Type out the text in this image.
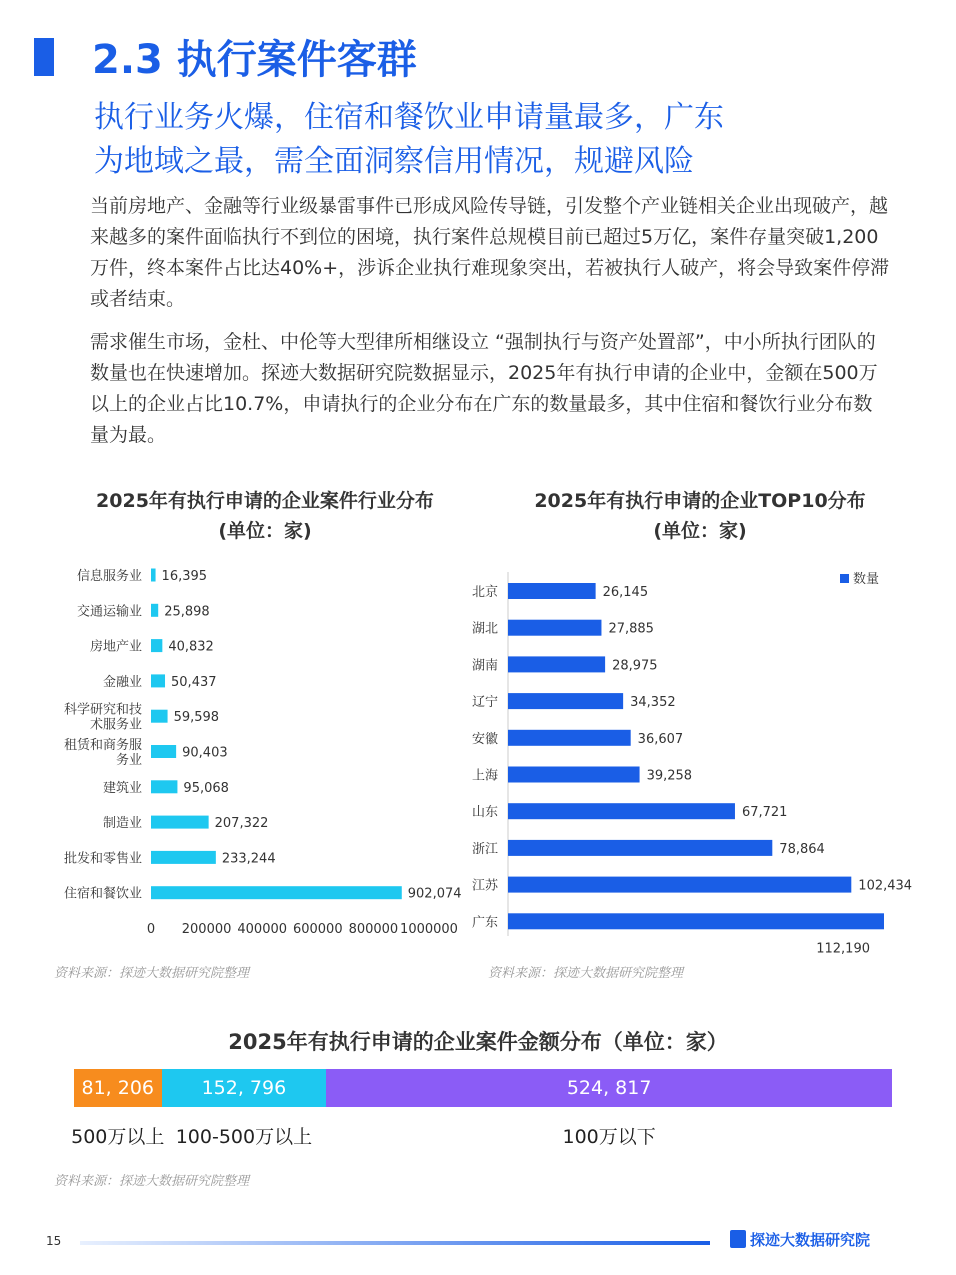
2.3 执行案件客群
执行业务火爆，住宿和餐饮业申请量最多，广东
为地域之最，需全面洞察信用情况，规避风险
当前房地产、金融等行业级暴雷事件已形成风险传导链，引发整个产业链相关企业出现破产，越来越多的案件面临执行不到位的困境，执行案件总规模目前已超过5万亿，案件存量突破1,200万件，终本案件占比达40%+，涉诉企业执行难现象突出，若被执行人破产，将会导致案件停滞或者结束。
需求催生市场，金杜、中伦等大型律所相继设立 “强制执行与资产处置部”，中小所执行团队的数量也在快速增加。探迹大数据研究院数据显示，2025年有执行申请的企业中，金额在500万以上的企业占比10.7%，申请执行的企业分布在广东的数量最多，其中住宿和餐饮行业分布数量为最。
2025年有执行申请的企业案件行业分布
(单位：家)
信息服务业 16,395
交通运输业 25,898
房地产业 40,832
金融业 50,437
科学研究和技
术服务业 59,598
租赁和商务服
务业	90,403
建筑业	95,068
制造业	207,322
批发和零售业	233,244
住宿和餐饮业	902,074
0 200000 400000 600000 800000 1000000
资料来源：探迹大数据研究院整理
2025年有执行申请的企业TOP10分布
(单位：家)
数量
北京	26,145
湖北	27,885
湖南	28,975
辽宁	34,352
安徽	36,607
上海	39,258
山东	67,721
浙江	78,864
江苏	102,434
广东
112,190
资料来源：探迹大数据研究院整理
2025年有执行申请的企业案件金额分布（单位：家）
81, 206	152, 796	524, 817
500万以上 100-500万以上	100万以下
资料来源：探迹大数据研究院整理
15	探迹大数据研究院
